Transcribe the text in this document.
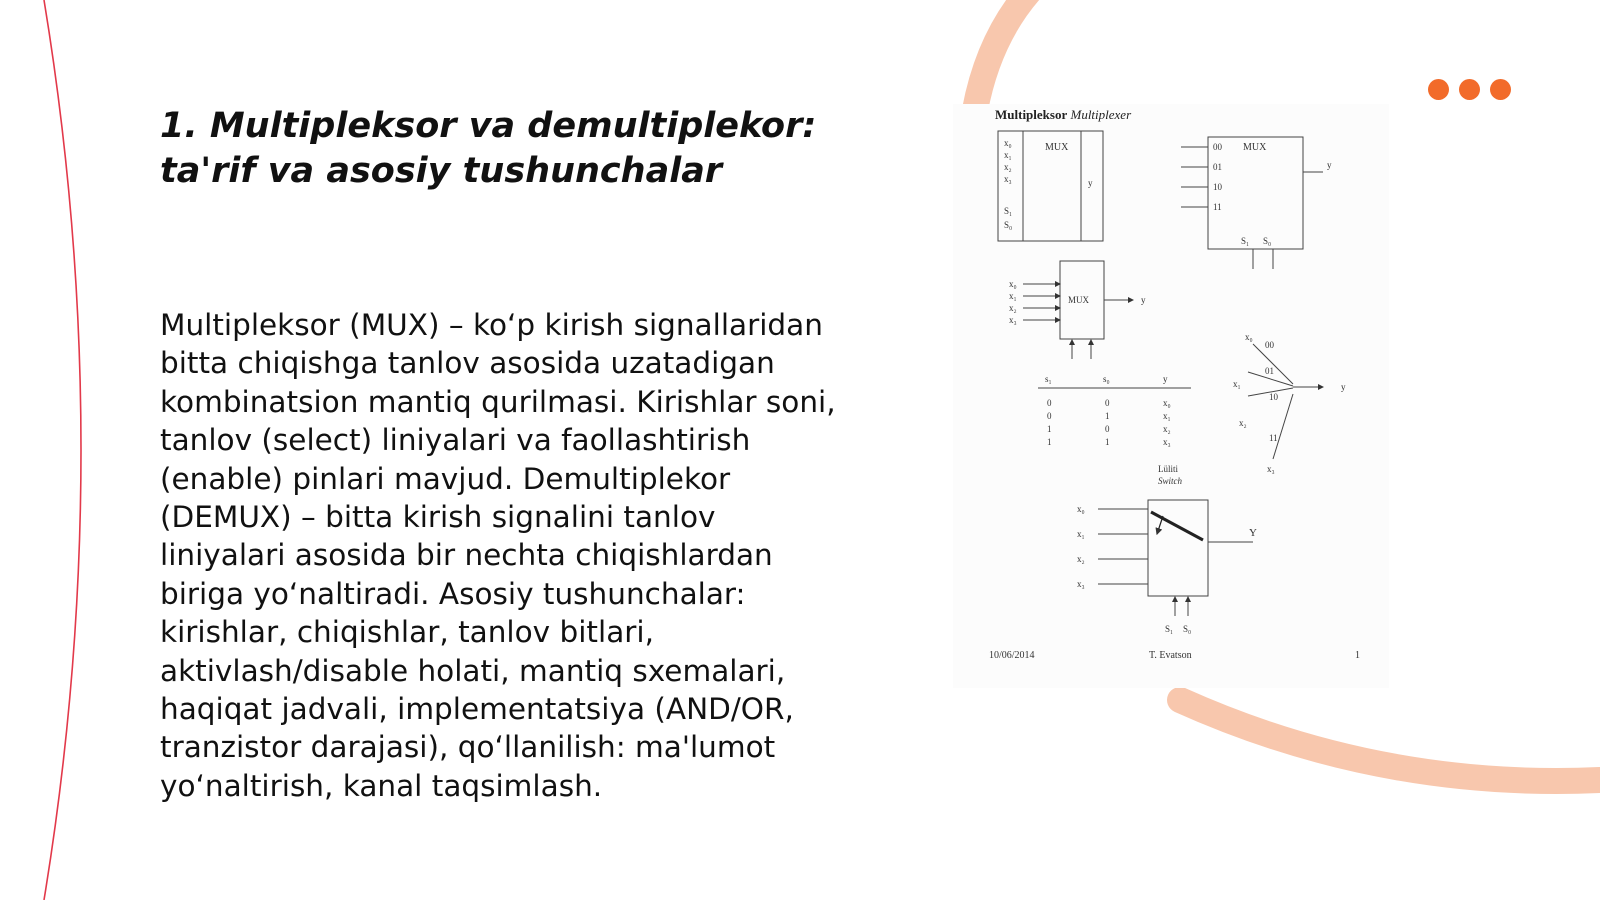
1. Multipleksor va demultiplekor:
ta'rif va asosiy tushunchalar

Multipleksor (MUX) – ko‘p kirish signallaridan bitta chiqishga tanlov asosida uzatadigan kombinatsion mantiq qurilmasi. Kirishlar soni, tanlov (select) liniyalari va faollashtirish (enable) pinlari mavjud. Demultiplekor (DEMUX) – bitta kirish signalini tanlov liniyalari asosida bir nechta chiqishlardan biriga yo‘naltiradi. Asosiy tushunchalar: kirishlar, chiqishlar, tanlov bitlari, aktivlash/disable holati, mantiq sxemalari, haqiqat jadvali, implementatsiya (AND/OR, tranzistor darajasi), qo‘llanilish: ma'lumot yo‘naltirish, kanal taqsimlash.

Multipleksor Multiplexer
MUX
x₀
x₁
x₂
x₃
S₁
S₀
y
MUX
00
01
10
11
y
S₁ S₀
MUX
x₀
x₁
x₂
x₃
y
s₁	s₀	y
0	0	x₀
0	1	x₁
1	0	x₂
1	1	x₃
x₀
00
x₁
01
x₂
10
11
x₃
y
Lüliti
Switch
x₀
x₁
x₂
x₃
Y
S₁ S₀
10/06/2014	T. Evatson	1
